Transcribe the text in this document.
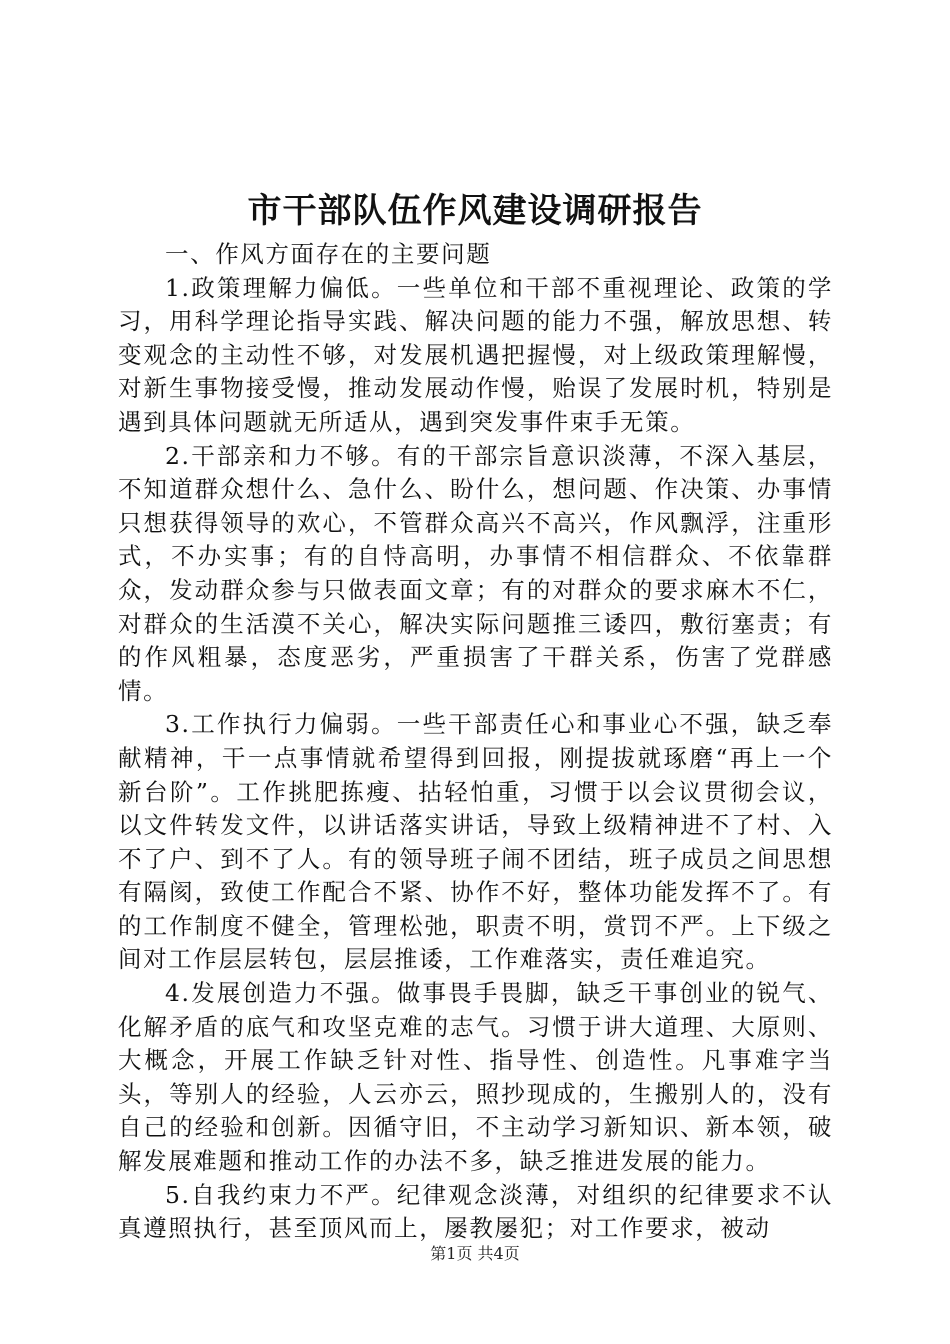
市干部队伍作风建设调研报告

一、作风方面存在的主要问题

1.政策理解力偏低。一些单位和干部不重视理论、政策的学习，用科学理论指导实践、解决问题的能力不强，解放思想、转变观念的主动性不够，对发展机遇把握慢，对上级政策理解慢，对新生事物接受慢，推动发展动作慢，贻误了发展时机，特别是遇到具体问题就无所适从，遇到突发事件束手无策。

2.干部亲和力不够。有的干部宗旨意识淡薄，不深入基层，不知道群众想什么、急什么、盼什么，想问题、作决策、办事情只想获得领导的欢心，不管群众高兴不高兴，作风飘浮，注重形式，不办实事；有的自恃高明，办事情不相信群众、不依靠群众，发动群众参与只做表面文章；有的对群众的要求麻木不仁，对群众的生活漠不关心，解决实际问题推三诿四，敷衍塞责；有的作风粗暴，态度恶劣，严重损害了干群关系，伤害了党群感情。

3.工作执行力偏弱。一些干部责任心和事业心不强，缺乏奉献精神，干一点事情就希望得到回报，刚提拔就琢磨“再上一个新台阶”。工作挑肥拣瘦、拈轻怕重，习惯于以会议贯彻会议，以文件转发文件，以讲话落实讲话，导致上级精神进不了村、入不了户、到不了人。有的领导班子闹不团结，班子成员之间思想有隔阂，致使工作配合不紧、协作不好，整体功能发挥不了。有的工作制度不健全，管理松弛，职责不明，赏罚不严。上下级之间对工作层层转包，层层推诿，工作难落实，责任难追究。

4.发展创造力不强。做事畏手畏脚，缺乏干事创业的锐气、化解矛盾的底气和攻坚克难的志气。习惯于讲大道理、大原则、大概念，开展工作缺乏针对性、指导性、创造性。凡事难字当头，等别人的经验，人云亦云，照抄现成的，生搬别人的，没有自己的经验和创新。因循守旧，不主动学习新知识、新本领，破解发展难题和推动工作的办法不多，缺乏推进发展的能力。

5.自我约束力不严。纪律观念淡薄，对组织的纪律要求不认真遵照执行，甚至顶风而上，屡教屡犯；对工作要求，被动

第1页 共4页
